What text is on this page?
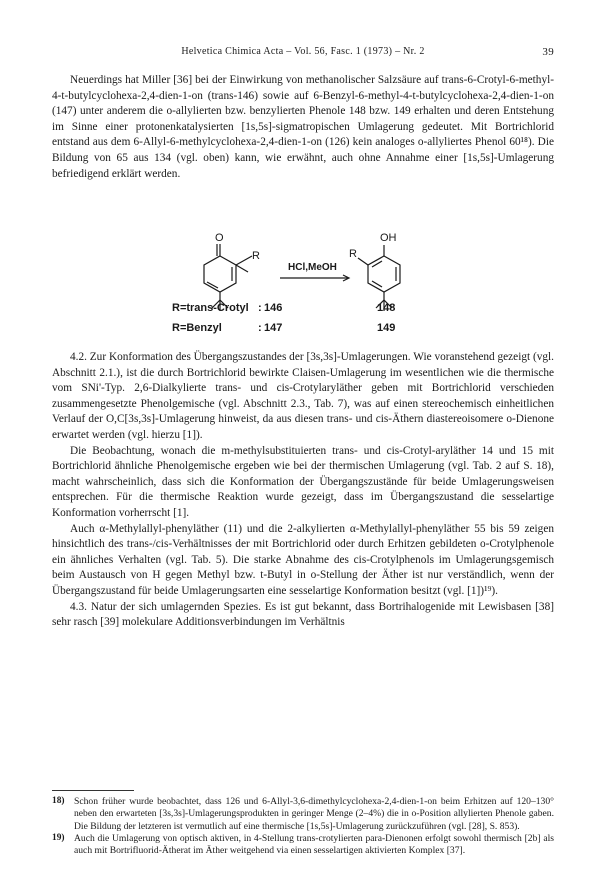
Helvetica Chimica Acta – Vol. 56, Fasc. 1 (1973) – Nr. 2	39

Neuerdings hat Miller [36] bei der Einwirkung von methanolischer Salzsäure auf trans-6-Crotyl-6-methyl-4-t-butylcyclohexa-2,4-dien-1-on (trans-146) sowie auf 6-Benzyl-6-methyl-4-t-butylcyclohexa-2,4-dien-1-on (147) unter anderem die o-allylierten bzw. benzylierten Phenole 148 bzw. 149 erhalten und deren Entstehung im Sinne einer protonenkatalysierten [1s,5s]-sigmatropischen Umlagerung gedeutet. Mit Bortrichlorid entstand aus dem 6-Allyl-6-methylcyclohexa-2,4-dien-1-on (126) kein analoges o-allyliertes Phenol 60¹⁸). Die Bildung von 65 aus 134 (vgl. oben) kann, wie erwähnt, auch ohne Annahme einer [1s,5s]-Umlagerung befriedigend erklärt werden.

O
R
HCl,MeOH
OH
R
R=trans-Crotyl : 146	148
R=Benzyl	: 147	149

4.2. Zur Konformation des Übergangszustandes der [3s,3s]-Umlagerungen. Wie voranstehend gezeigt (vgl. Abschnitt 2.1.), ist die durch Bortrichlorid bewirkte Claisen-Umlagerung im wesentlichen wie die thermische vom SNi'-Typ. 2,6-Dialkylierte trans- und cis-Crotylaryläther geben mit Bortrichlorid verschieden zusammengesetzte Phenolgemische (vgl. Abschnitt 2.3., Tab. 7), was auf einen stereochemisch einheitlichen Verlauf der O,C[3s,3s]-Umlagerung hinweist, da aus diesen trans- und cis-Äthern diastereoisomere o-Dienone erwartet werden (vgl. hierzu [1]).

Die Beobachtung, wonach die m-methylsubstituierten trans- und cis-Crotyl-aryläther 14 und 15 mit Bortrichlorid ähnliche Phenolgemische ergeben wie bei der thermischen Umlagerung (vgl. Tab. 2 auf S. 18), macht wahrscheinlich, dass sich die Konformation der Übergangszustände für beide Umlagerungsweisen entsprechen. Für die thermische Reaktion wurde gezeigt, dass im Übergangszustand die sesselartige Konformation vorherrscht [1].

Auch α-Methylallyl-phenyläther (11) und die 2-alkylierten α-Methylallyl-phenyläther 55 bis 59 zeigen hinsichtlich des trans-/cis-Verhältnisses der mit Bortrichlorid oder durch Erhitzen gebildeten o-Crotylphenole ein ähnliches Verhalten (vgl. Tab. 5). Die starke Abnahme des cis-Crotylphenols im Umlagerungsgemisch beim Austausch von H gegen Methyl bzw. t-Butyl in o-Stellung der Äther ist nur verständlich, wenn der Übergangszustand für beide Umlagerungsarten eine sesselartige Konformation besitzt (vgl. [1])¹⁹).

4.3. Natur der sich umlagernden Spezies. Es ist gut bekannt, dass Bortrihalogenide mit Lewisbasen [38] sehr rasch [39] molekulare Additionsverbindungen im Verhältnis

18) Schon früher wurde beobachtet, dass 126 und 6-Allyl-3,6-dimethylcyclohexa-2,4-dien-1-on beim Erhitzen auf 120–130° neben den erwarteten [3s,3s]-Umlagerungsprodukten in geringer Menge (2–4%) die in o-Position allylierten Phenole gaben. Die Bildung der letzteren ist vermutlich auf eine thermische [1s,5s]-Umlagerung zurückzuführen (vgl. [28], S. 853).

19) Auch die Umlagerung von optisch aktiven, in 4-Stellung trans-crotylierten para-Dienonen erfolgt sowohl thermisch [2b] als auch mit Bortrifluorid-Ätherat im Äther weitgehend via einen sesselartigen aktivierten Komplex [37].
